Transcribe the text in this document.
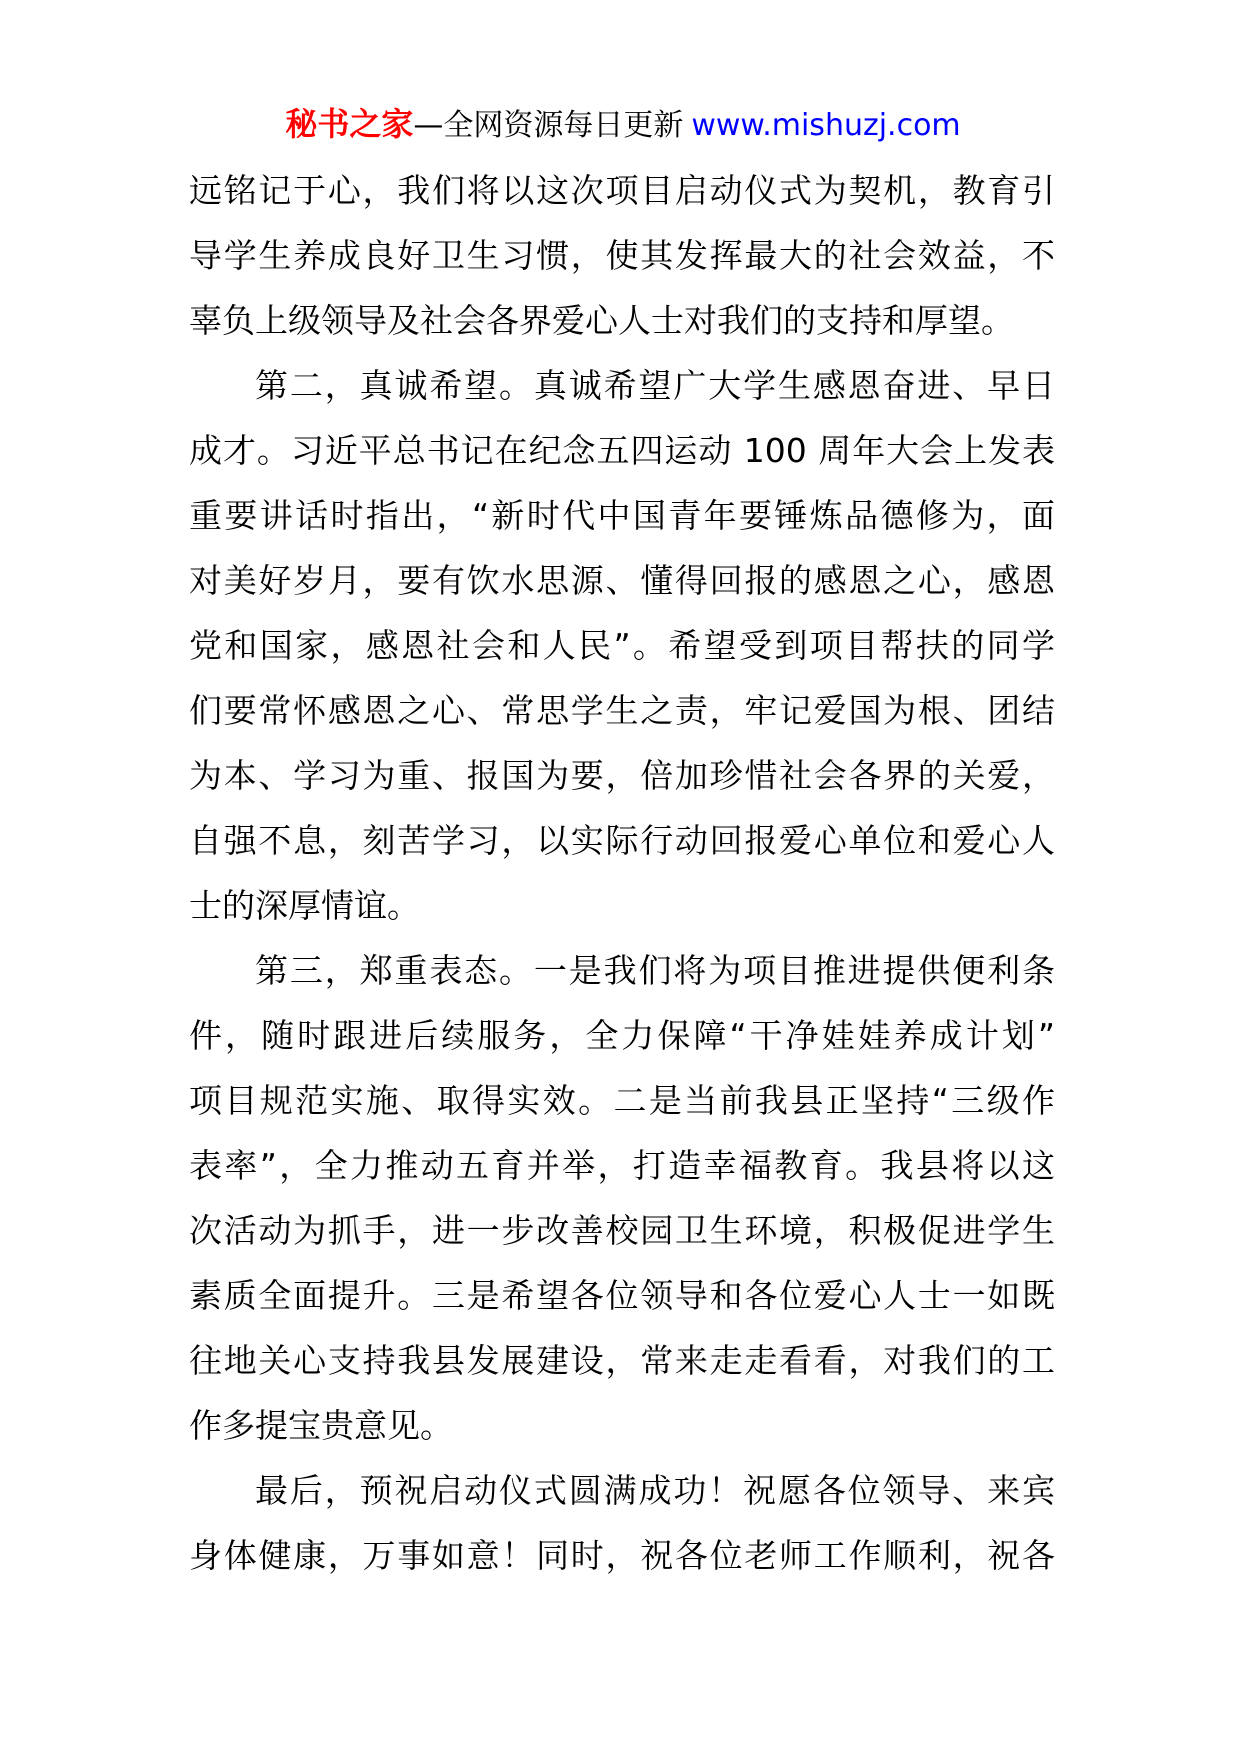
秘书之家—全网资源每日更新 www.mishuzj.com
远铭记于心，我们将以这次项目启动仪式为契机，教育引
导学生养成良好卫生习惯，使其发挥最大的社会效益，不
辜负上级领导及社会各界爱心人士对我们的支持和厚望。
第二，真诚希望。真诚希望广大学生感恩奋进、早日
成才。习近平总书记在纪念五四运动 100 周年大会上发表
重要讲话时指出，“新时代中国青年要锤炼品德修为，面
对美好岁月，要有饮水思源、懂得回报的感恩之心，感恩
党和国家，感恩社会和人民”。希望受到项目帮扶的同学
们要常怀感恩之心、常思学生之责，牢记爱国为根、团结
为本、学习为重、报国为要，倍加珍惜社会各界的关爱，
自强不息，刻苦学习，以实际行动回报爱心单位和爱心人
士的深厚情谊。
第三，郑重表态。一是我们将为项目推进提供便利条
件，随时跟进后续服务，全力保障“干净娃娃养成计划”
项目规范实施、取得实效。二是当前我县正坚持“三级作
表率”，全力推动五育并举，打造幸福教育。我县将以这
次活动为抓手，进一步改善校园卫生环境，积极促进学生
素质全面提升。三是希望各位领导和各位爱心人士一如既
往地关心支持我县发展建设，常来走走看看，对我们的工
作多提宝贵意见。
最后，预祝启动仪式圆满成功！祝愿各位领导、来宾
身体健康，万事如意！同时，祝各位老师工作顺利，祝各
